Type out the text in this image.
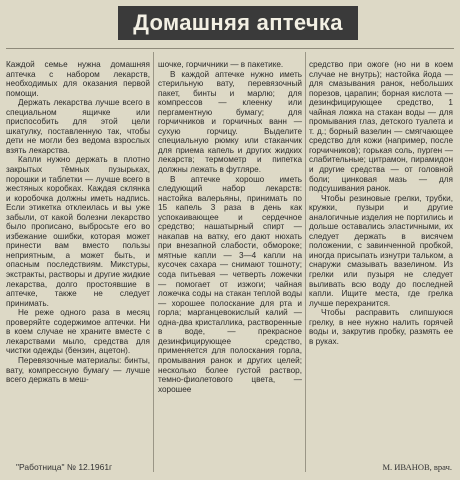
Домашняя аптечка

Каждой семье нужна домашняя аптечка с набором лекарств, необходимых для оказания первой помощи.

Держать лекарства лучше всего в специальном ящичке или приспособить для этой цели шкатулку, поставленную так, чтобы дети не могли без ведома взрослых взять лекарства.

Капли нужно держать в плотно закрытых тёмных пузырьках, порошки и таблетки — лучше всего в жестяных коробках. Каждая склянка и коробочка должны иметь надпись. Если этикетка отклеилась и вы уже забыли, от какой болезни лекарство было прописано, выбросьте его во избежание ошибки, которая может принести вам вместо пользы неприятным, а может быть, и опасным последствиям. Микстуры, экстракты, растворы и другие жидкие лекарства, долго простоявшие в аптечке, также не следует принимать.

Не реже одного раза в месяц проверяйте содержимое аптечки. Ни в коем случае не храните вместе с лекарствами мыло, средства для чистки одежды (бензин, ацетон).

Перевязочные материалы: бинты, вату, компрессную бумагу — лучше всего держать в меш-

шочке, горчичники — в пакетике.

В каждой аптечке нужно иметь стерильную вату, перевязочный пакет, бинты и марлю; для компрессов — клеенку или пергаментную бумагу; для горчичников и горчичных ванн — сухую горчицу. Выделите специальную рюмку или стаканчик для приема капель и других жидких лекарств; термометр и пипетка должны лежать в футляре.

В аптечке хорошо иметь следующий набор лекарств: настойка валерьяны, принимать по 15 капель 3 раза в день как успокаивающее и сердечное средство; нашатырный спирт — накапав на ватку, его дают нюхать при внезапной слабости, обмороке; мятные капли — 3—4 капли на кусочек сахара — снимают тошноту; сода питьевая — четверть ложечки — помогает от изжоги; чайная ложечка соды на стакан теплой воды — хорошее полоскание для рта и горла; марганцевокислый калий — одна-два кристаллика, растворенные в воде, — прекрасное дезинфицирующее средство, применяется для полоскания горла, промывания ранок и других целей; несколько более густой раствор, темно-фиолетового цвета, — хорошее

средство при ожоге (но ни в коем случае не внутрь); настойка йода — для смазывания ранок, небольших порезов, царапин; борная кислота — дезинфицирующее средство, 1 чайная ложка на стакан воды — для промывания глаз, детского туалета и т. д.; борный вазелин — смягчающее средство для кожи (например, после горчичников); горькая соль, пурген — слабительные; цитрамон, пирамидон и другие средства — от головной боли; цинковая мазь — для подсушивания ранок.

Чтобы резиновые грелки, трубки, кружки, пузыри и другие аналогичные изделия не портились и дольше оставались эластичными, их следует держать в висячем положении, с завинченной пробкой, иногда присыпать изнутри тальком, а снаружи смазывать вазелином. Из грелки или пузыря не следует выливать всю воду до последней капли. Ищите места, где грелка лучше перехранится.

Чтобы расправить слипшуюся грелку, в нее нужно налить горячей воды и, закрутив пробку, размять ее в руках.

"Работница" № 12.1961г	М. ИВАНОВ, врач.
